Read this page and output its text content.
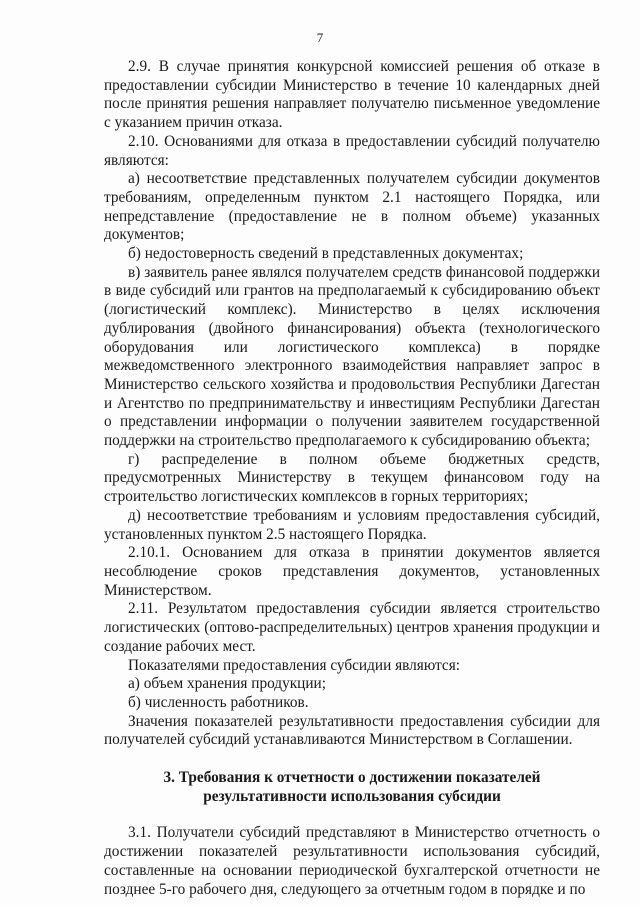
7

2.9. В случае принятия конкурсной комиссией решения об отказе в предоставлении субсидии Министерство в течение 10 календарных дней после принятия решения направляет получателю письменное уведомление с указанием причин отказа.

2.10. Основаниями для отказа в предоставлении субсидий получателю являются:

а) несоответствие представленных получателем субсидии документов требованиям, определенным пунктом 2.1 настоящего Порядка, или непредставление (предоставление не в полном объеме) указанных документов;

б) недостоверность сведений в представленных документах;

в) заявитель ранее являлся получателем средств финансовой поддержки в виде субсидий или грантов на предполагаемый к субсидированию объект (логистический комплекс). Министерство в целях исключения дублирования (двойного финансирования) объекта (технологического оборудования или логистического комплекса) в порядке межведомственного электронного взаимодействия направляет запрос в Министерство сельского хозяйства и продовольствия Республики Дагестан и Агентство по предпринимательству и инвестициям Республики Дагестан о представлении информации о получении заявителем государственной поддержки на строительство предполагаемого к субсидированию объекта;

г) распределение в полном объеме бюджетных средств, предусмотренных Министерству в текущем финансовом году на строительство логистических комплексов в горных территориях;

д) несоответствие требованиям и условиям предоставления субсидий, установленных пунктом 2.5 настоящего Порядка.

2.10.1. Основанием для отказа в принятии документов является несоблюдение сроков представления документов, установленных Министерством.

2.11. Результатом предоставления субсидии является строительство логистических (оптово-распределительных) центров хранения продукции и создание рабочих мест.

Показателями предоставления субсидии являются:

а) объем хранения продукции;

б) численность работников.

Значения показателей результативности предоставления субсидии для получателей субсидий устанавливаются Министерством в Соглашении.

3. Требования к отчетности о достижении показателей
результативности использования субсидии

3.1. Получатели субсидий представляют в Министерство отчетность о достижении показателей результативности использования субсидий, составленные на основании периодической бухгалтерской отчетности не позднее 5-го рабочего дня, следующего за отчетным годом в порядке и по
